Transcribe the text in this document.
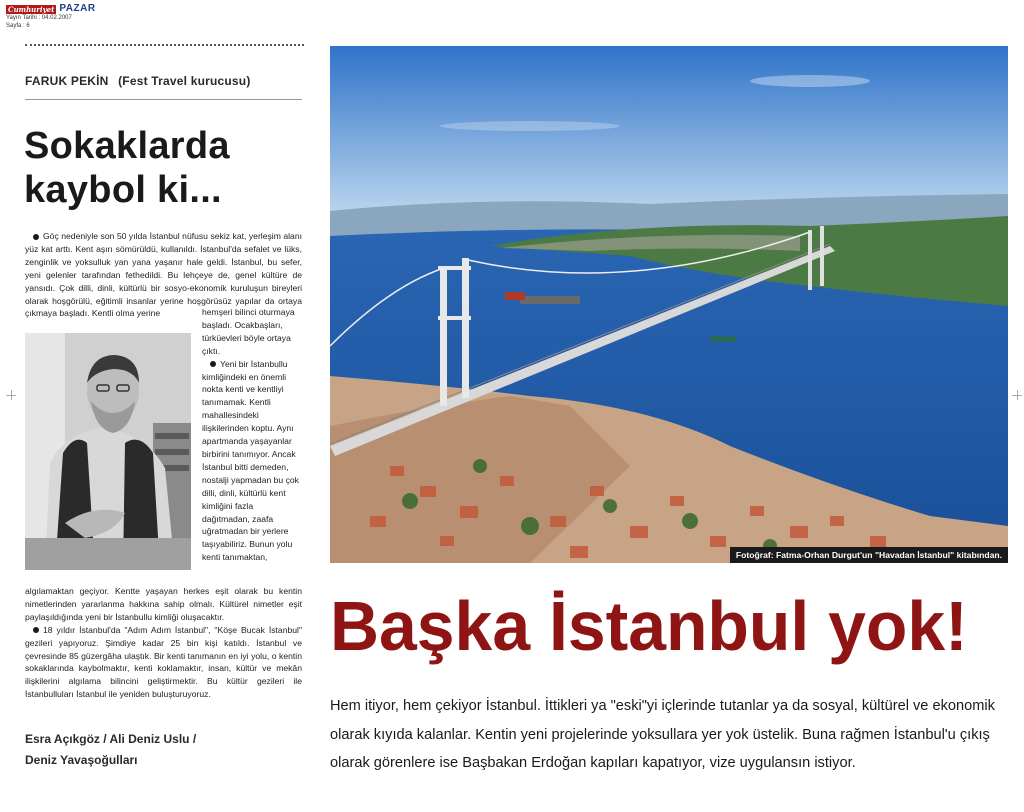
Cumhuriyet PAZAR
Yayın Tarihi : 04.02.2007
Sayfa : 6
FARUK PEKİN (Fest Travel kurucusu)
Sokaklarda
kaybol ki...
Göç nedeniyle son 50 yılda İstanbul nüfusu sekiz kat, yerleşim alanı yüz kat arttı. Kent aşırı sömürüldü, kullanıldı. İstanbul'da sefalet ve lüks, zenginlik ve yoksulluk yan yana yaşanır hale geldi. İstanbul, bu sefer, yeni gelenler tarafından fethedildi. Bu lehçeye de, genel kültüre de yansıdı. Çok dilli, dinli, kültürlü bir sosyo-ekonomik kuruluşun bireyleri olarak hoşgörülü, eğitimli insanlar yerine hoşgörüsüz yapılar da ortaya çıkmaya başladı. Kentli olma yerine	hemşeri bilinci oturmaya başladı. Ocakbaşları, türküevleri böyle ortaya çıktı.
Yeni bir İstanbullu kimliğindeki en önemli nokta kenti ve kentliyi tanımamak. Kentli mahallesindeki ilişkilerinden koptu. Aynı apartmanda yaşayanlar birbirini tanımıyor. Ancak İstanbul bitti demeden, nostalji yapmadan bu çok dilli, dinli, kültürlü kent kimliğini fazla dağıtmadan, zaafa uğratmadan bir yerlere taşıyabiliriz. Bunun yolu kenti tanımaktan,
algılamaktan geçiyor. Kentte yaşayan herkes eşit olarak bu kentin nimetlerinden yararlanma hakkına sahip olmalı. Kültürel nimetler eşit paylaşıldığında yeni bir İstanbullu kimliği oluşacaktır.
18 yıldır İstanbul'da "Adım Adım İstanbul", "Köşe Bucak İstanbul" gezileri yapıyoruz. Şimdiye kadar 25 bin kişi katıldı. İstanbul ve çevresinde 85 güzergâha ulaştık. Bir kenti tanımanın en iyi yolu, o kentin sokaklarında kaybolmaktır, kenti koklamaktır, insan, kültür ve mekân ilişkilerini algılama bilincini geliştirmektir. Bu kültür gezileri ile İstanbulluları İstanbul ile yeniden buluşturuyoruz.
Esra Açıkgöz / Ali Deniz Uslu /
Deniz Yavaşoğulları
Fotoğraf: Fatma-Orhan Durgut'un "Havadan İstanbul" kitabından.
Başka İstanbul yok!
Hem itiyor, hem çekiyor İstanbul. İttikleri ya "eski"yi içlerinde tutanlar ya da sosyal, kültürel ve ekonomik olarak kıyıda kalanlar. Kentin yeni projelerinde yoksullara yer yok üstelik. Buna rağmen İstanbul'u çıkış olarak görenlere ise Başbakan Erdoğan kapıları kapatıyor, vize uygulansın istiyor.
